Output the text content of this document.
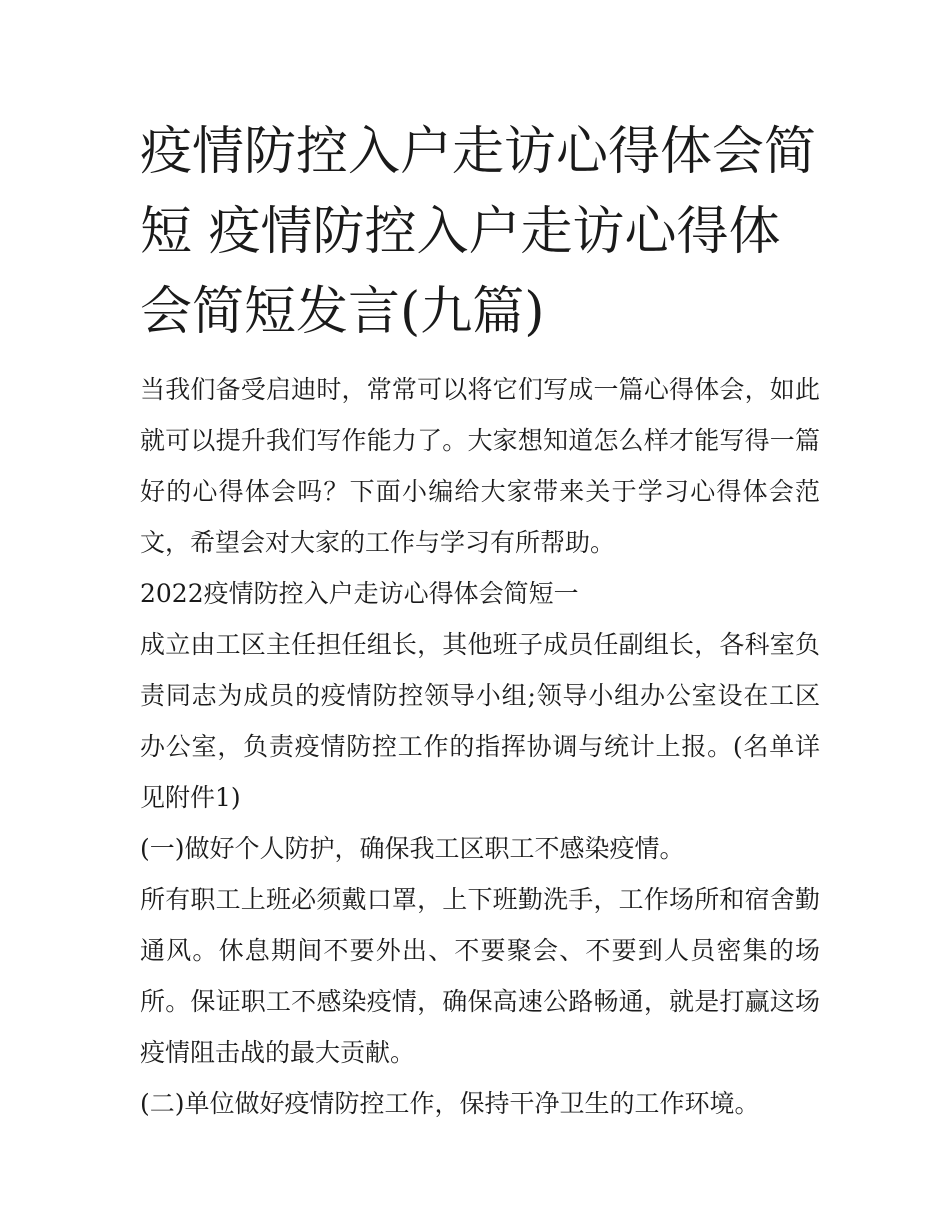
疫情防控入户走访心得体会简短 疫情防控入户走访心得体会简短发言(九篇)

当我们备受启迪时，常常可以将它们写成一篇心得体会，如此就可以提升我们写作能力了。大家想知道怎么样才能写得一篇好的心得体会吗？下面小编给大家带来关于学习心得体会范文，希望会对大家的工作与学习有所帮助。

2022疫情防控入户走访心得体会简短一

成立由工区主任担任组长，其他班子成员任副组长，各科室负责同志为成员的疫情防控领导小组;领导小组办公室设在工区办公室，负责疫情防控工作的指挥协调与统计上报。(名单详见附件1)

(一)做好个人防护，确保我工区职工不感染疫情。

所有职工上班必须戴口罩，上下班勤洗手，工作场所和宿舍勤通风。休息期间不要外出、不要聚会、不要到人员密集的场所。保证职工不感染疫情，确保高速公路畅通，就是打赢这场疫情阻击战的最大贡献。

(二)单位做好疫情防控工作，保持干净卫生的工作环境。
